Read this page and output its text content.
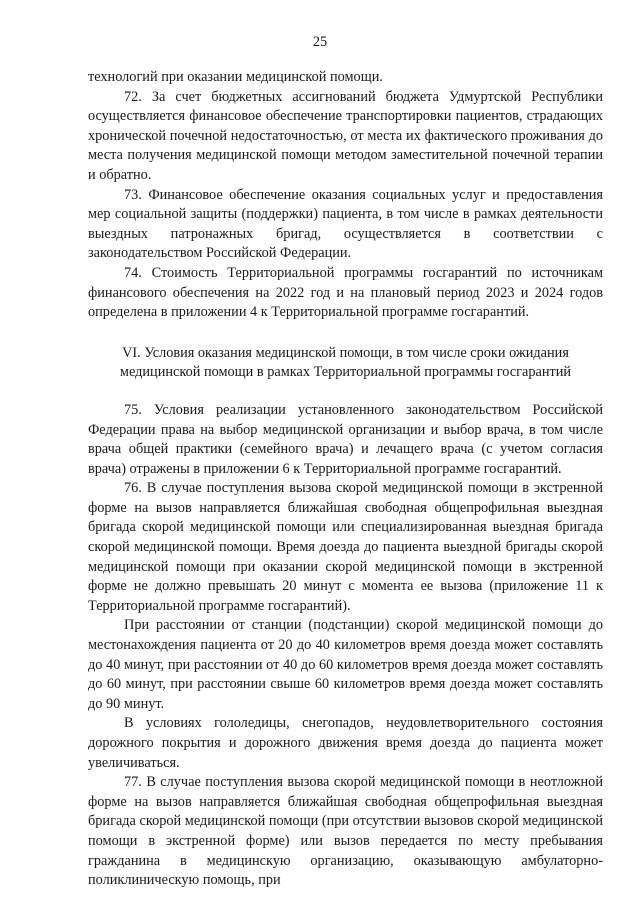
25

технологий при оказании медицинской помощи.

72. За счет бюджетных ассигнований бюджета Удмуртской Республики осуществляется финансовое обеспечение транспортировки пациентов, страдающих хронической почечной недостаточностью, от места их фактического проживания до места получения медицинской помощи методом заместительной почечной терапии и обратно.

73. Финансовое обеспечение оказания социальных услуг и предоставления мер социальной защиты (поддержки) пациента, в том числе в рамках деятельности выездных патронажных бригад, осуществляется в соответствии с законодательством Российской Федерации.

74. Стоимость Территориальной программы госгарантий по источникам финансового обеспечения на 2022 год и на плановый период 2023 и 2024 годов определена в приложении 4 к Территориальной программе госгарантий.

VI. Условия оказания медицинской помощи, в том числе сроки ожидания медицинской помощи в рамках Территориальной программы госгарантий

75. Условия реализации установленного законодательством Российской Федерации права на выбор медицинской организации и выбор врача, в том числе врача общей практики (семейного врача) и лечащего врача (с учетом согласия врача) отражены в приложении 6 к Территориальной программе госгарантий.

76. В случае поступления вызова скорой медицинской помощи в экстренной форме на вызов направляется ближайшая свободная общепрофильная выездная бригада скорой медицинской помощи или специализированная выездная бригада скорой медицинской помощи. Время доезда до пациента выездной бригады скорой медицинской помощи при оказании скорой медицинской помощи в экстренной форме не должно превышать 20 минут с момента ее вызова (приложение 11 к Территориальной программе госгарантий).

При расстоянии от станции (подстанции) скорой медицинской помощи до местонахождения пациента от 20 до 40 километров время доезда может составлять до 40 минут, при расстоянии от 40 до 60 километров время доезда может составлять до 60 минут, при расстоянии свыше 60 километров время доезда может составлять до 90 минут.

В условиях гололедицы, снегопадов, неудовлетворительного состояния дорожного покрытия и дорожного движения время доезда до пациента может увеличиваться.

77. В случае поступления вызова скорой медицинской помощи в неотложной форме на вызов направляется ближайшая свободная общепрофильная выездная бригада скорой медицинской помощи (при отсутствии вызовов скорой медицинской помощи в экстренной форме) или вызов передается по месту пребывания гражданина в медицинскую организацию, оказывающую амбулаторно-поликлиническую помощь, при
